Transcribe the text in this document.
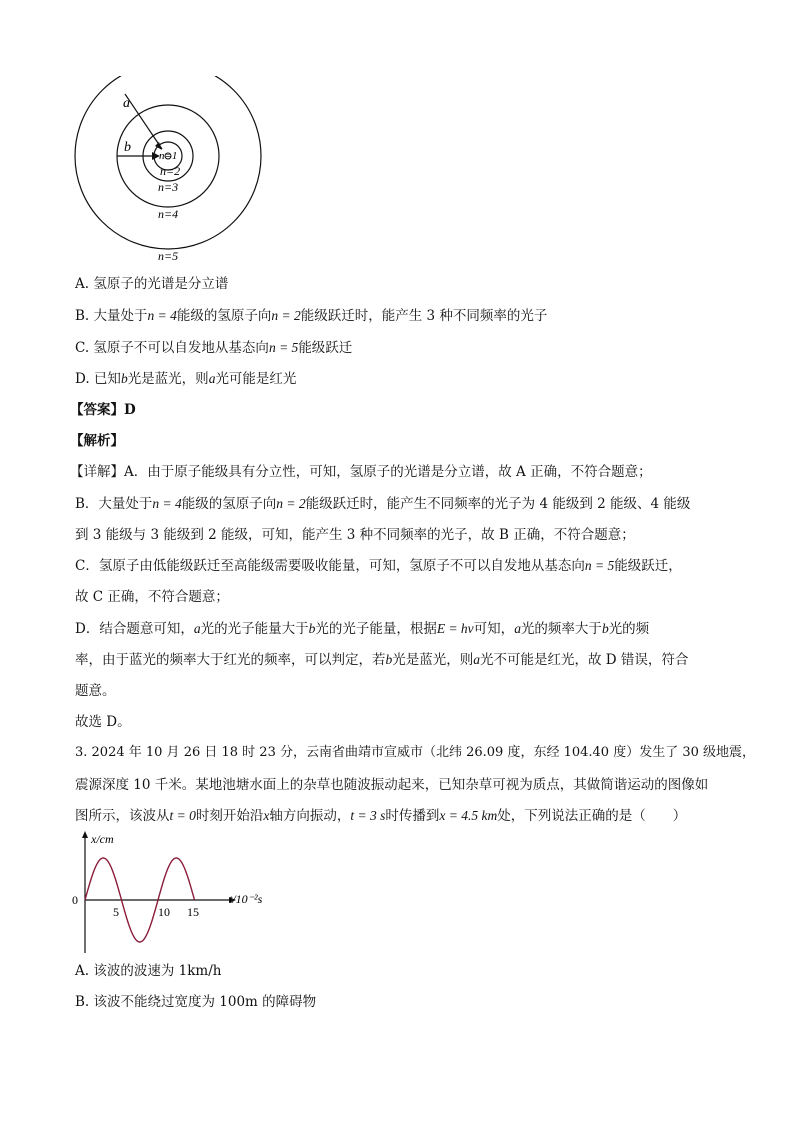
a
b
n=1
n=2
n=3
n=4
n=5
A. 氢原子的光谱是分立谱
B. 大量处于n = 4能级的氢原子向n = 2能级跃迁时，能产生 3 种不同频率的光子
C. 氢原子不可以自发地从基态向n = 5能级跃迁
D. 已知b光是蓝光，则a光可能是红光
【答案】D
【解析】
【详解】A．由于原子能级具有分立性，可知，氢原子的光谱是分立谱，故 A 正确，不符合题意；
B．大量处于n = 4能级的氢原子向n = 2能级跃迁时，能产生不同频率的光子为 4 能级到 2 能级、4 能级
到 3 能级与 3 能级到 2 能级，可知，能产生 3 种不同频率的光子，故 B 正确，不符合题意；
C．氢原子由低能级跃迁至高能级需要吸收能量，可知，氢原子不可以自发地从基态向n = 5能级跃迁，
故 C 正确，不符合题意；
D．结合题意可知，a光的光子能量大于b光的光子能量，根据E = hν可知，a光的频率大于b光的频
率，由于蓝光的频率大于红光的频率，可以判定，若b光是蓝光，则a光不可能是红光，故 D 错误，符合
题意。
故选 D。
3. 2024 年 10 月 26 日 18 时 23 分，云南省曲靖市宣威市（北纬 26.09 度，东经 104.40 度）发生了 30 级地震，
震源深度 10 千米。某地池塘水面上的杂草也随波振动起来，已知杂草可视为质点，其做简谐运动的图像如
图所示，该波从t = 0时刻开始沿x轴方向振动，t = 3 s时传播到x = 4.5 km处，下列说法正确的是（　　）
x/cm
t/10⁻²s
0
5	10 15
A. 该波的波速为 1km/h
B. 该波不能绕过宽度为 100m 的障碍物
